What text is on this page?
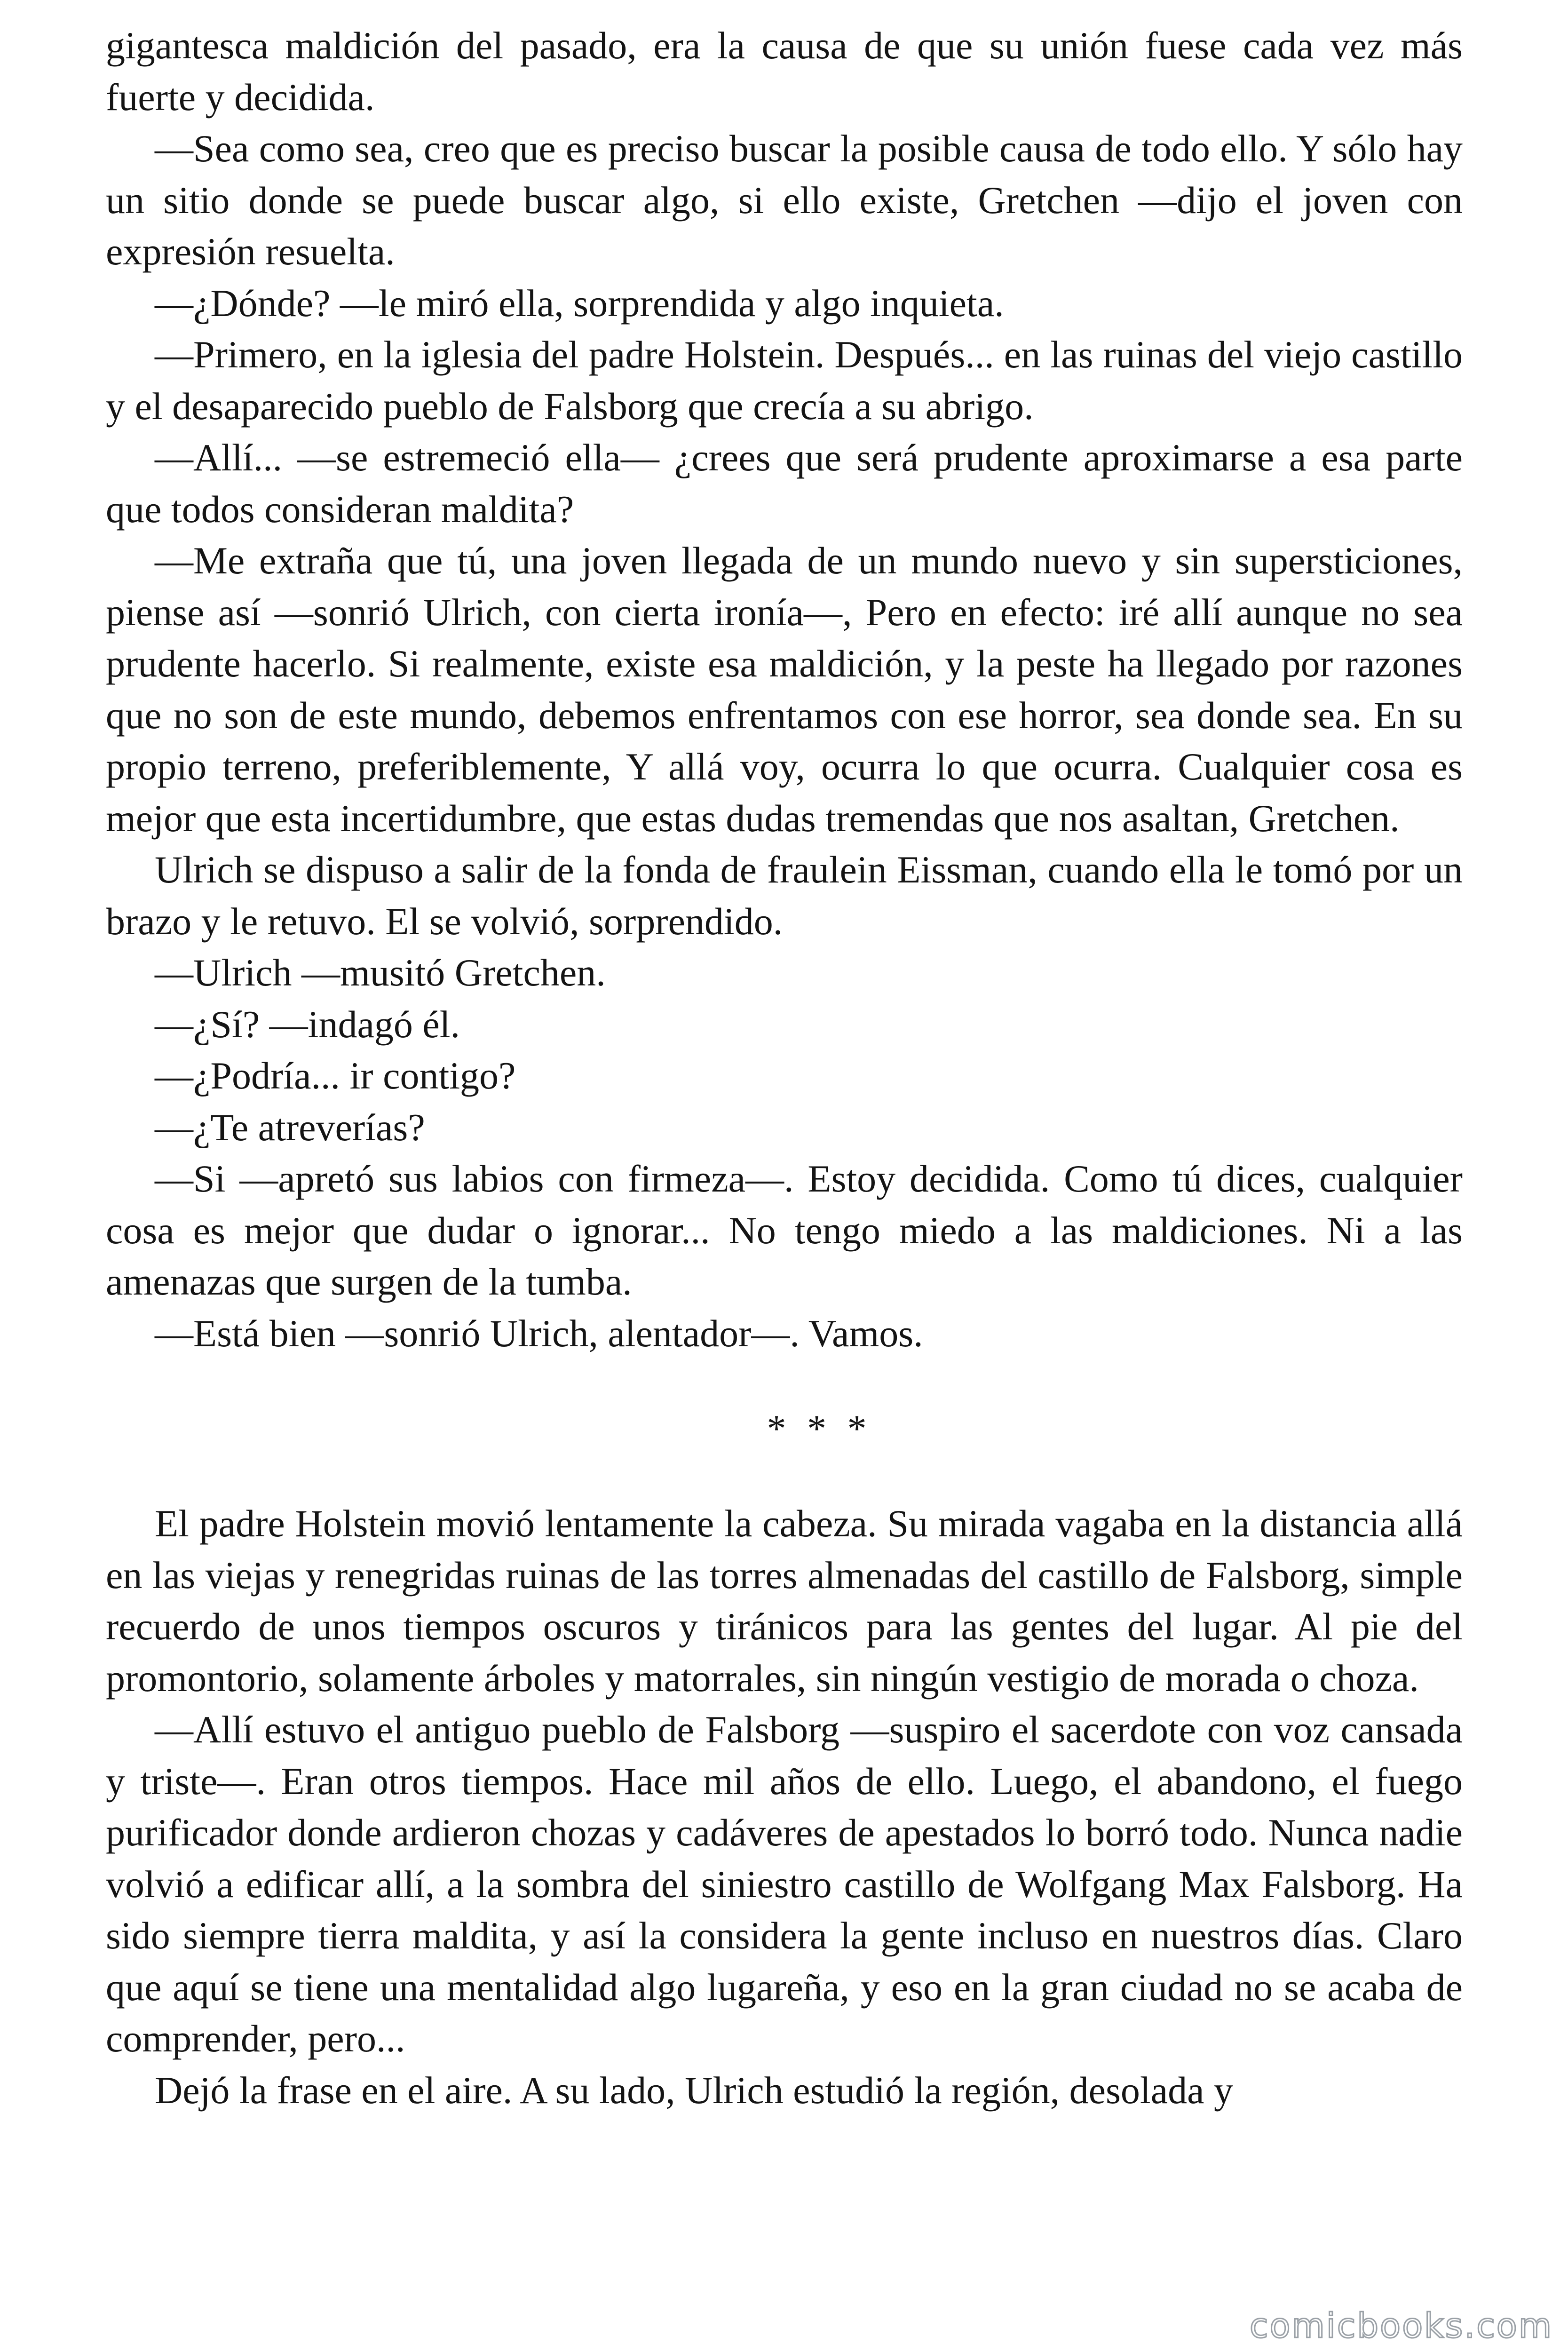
gigantesca maldición del pasado, era la causa de que su unión fuese cada vez más fuerte y decidida.

—Sea como sea, creo que es preciso buscar la posible causa de todo ello. Y sólo hay un sitio donde se puede buscar algo, si ello existe, Gretchen —dijo el joven con expresión resuelta.

—¿Dónde? —le miró ella, sorprendida y algo inquieta.

—Primero, en la iglesia del padre Holstein. Después... en las ruinas del viejo castillo y el desaparecido pueblo de Falsborg que crecía a su abrigo.

—Allí... —se estremeció ella— ¿crees que será prudente aproximarse a esa parte que todos consideran maldita?

—Me extraña que tú, una joven llegada de un mundo nuevo y sin supersticiones, piense así —sonrió Ulrich, con cierta ironía—, Pero en efecto: iré allí aunque no sea prudente hacerlo. Si realmente, existe esa maldición, y la peste ha llegado por razones que no son de este mundo, debemos enfrentamos con ese horror, sea donde sea. En su propio terreno, preferiblemente, Y allá voy, ocurra lo que ocurra. Cualquier cosa es mejor que esta incertidumbre, que estas dudas tremendas que nos asaltan, Gretchen.

Ulrich se dispuso a salir de la fonda de fraulein Eissman, cuando ella le tomó por un brazo y le retuvo. El se volvió, sorprendido.

—Ulrich —musitó Gretchen.

—¿Sí? —indagó él.

—¿Podría... ir contigo?

—¿Te atreverías?

—Si —apretó sus labios con firmeza—. Estoy decidida. Como tú dices, cualquier cosa es mejor que dudar o ignorar... No tengo miedo a las maldiciones. Ni a las amenazas que surgen de la tumba.

—Está bien —sonrió Ulrich, alentador—. Vamos.

* * *

El padre Holstein movió lentamente la cabeza. Su mirada vagaba en la distancia allá en las viejas y renegridas ruinas de las torres almenadas del castillo de Falsborg, simple recuerdo de unos tiempos oscuros y tiránicos para las gentes del lugar. Al pie del promontorio, solamente árboles y matorrales, sin ningún vestigio de morada o choza.

—Allí estuvo el antiguo pueblo de Falsborg —suspiro el sacerdote con voz cansada y triste—. Eran otros tiempos. Hace mil años de ello. Luego, el abandono, el fuego purificador donde ardieron chozas y cadáveres de apestados lo borró todo. Nunca nadie volvió a edificar allí, a la sombra del siniestro castillo de Wolfgang Max Falsborg. Ha sido siempre tierra maldita, y así la considera la gente incluso en nuestros días. Claro que aquí se tiene una mentalidad algo lugareña, y eso en la gran ciudad no se acaba de comprender, pero...

Dejó la frase en el aire. A su lado, Ulrich estudió la región, desolada y

comicbooks.com
